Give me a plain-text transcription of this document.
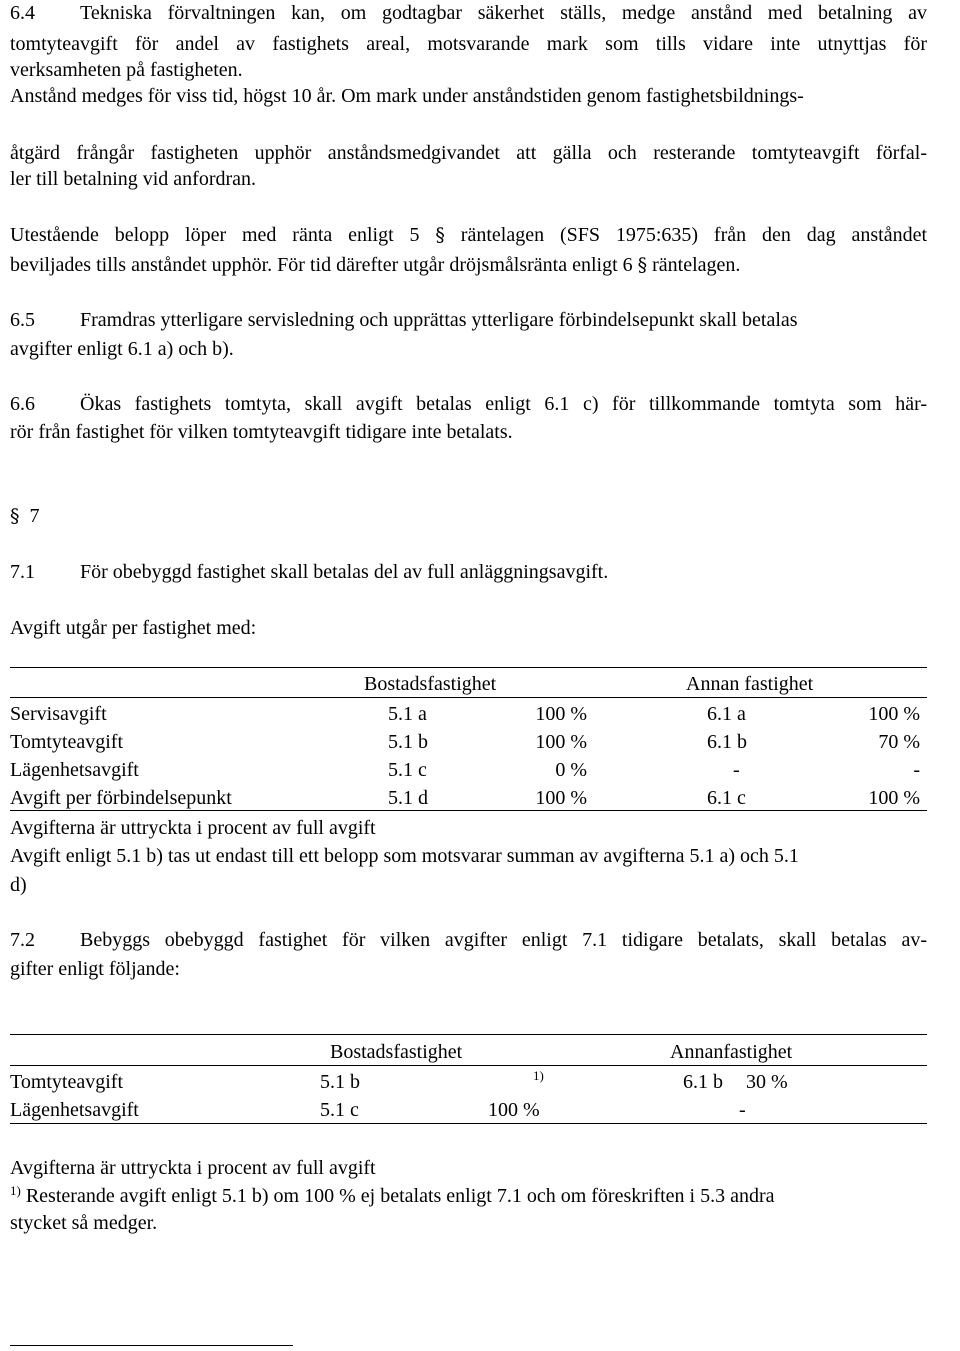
6.4 Tekniska förvaltningen kan, om godtagbar säkerhet ställs, medge anstånd med betalning av
tomtyteavgift för andel av fastighets areal, motsvarande mark som tills vidare inte utnyttjas för
verksamheten på fastigheten.
Anstånd medges för viss tid, högst 10 år. Om mark under anståndstiden genom fastighetsbildnings-
åtgärd frångår fastigheten upphör anståndsmedgivandet att gälla och resterande tomtyteavgift förfal-
ler till betalning vid anfordran.
Utestående belopp löper med ränta enligt 5 § räntelagen (SFS 1975:635) från den dag anståndet
beviljades tills anståndet upphör. För tid därefter utgår dröjsmålsränta enligt 6 § räntelagen.
6.5 Framdras ytterligare servisledning och upprättas ytterligare förbindelsepunkt skall betalas
avgifter enligt 6.1 a) och b).
6.6 Ökas fastighets tomtyta, skall avgift betalas enligt 6.1 c) för tillkommande tomtyta som här-
rör från fastighet för vilken tomtyteavgift tidigare inte betalats.
§ 7
7.1 För obebyggd fastighet skall betalas del av full anläggningsavgift.
Avgift utgår per fastighet med:
Bostadsfastighet	Annan fastighet
Servisavgift	5.1 a	100 %	6.1 a	100 %
Tomtyteavgift	5.1 b	100 %	6.1 b	70 %
Lägenhetsavgift	5.1 c	0 %	-	-
Avgift per förbindelsepunkt	5.1 d	100 %	6.1 c	100 %
Avgifterna är uttryckta i procent av full avgift
Avgift enligt 5.1 b) tas ut endast till ett belopp som motsvarar summan av avgifterna 5.1 a) och 5.1
d)
7.2 Bebyggs obebyggd fastighet för vilken avgifter enligt 7.1 tidigare betalats, skall betalas av-
gifter enligt följande:
Bostadsfastighet	Annanfastighet
Tomtyteavgift	5.1 b	1)	6.1 b 30 %
Lägenhetsavgift	5.1 c	100 %	-
Avgifterna är uttryckta i procent av full avgift
$^{1)}$ Resterande avgift enligt 5.1 b) om 100 % ej betalats enligt 7.1 och om föreskriften i 5.3 andra
stycket så medger.
